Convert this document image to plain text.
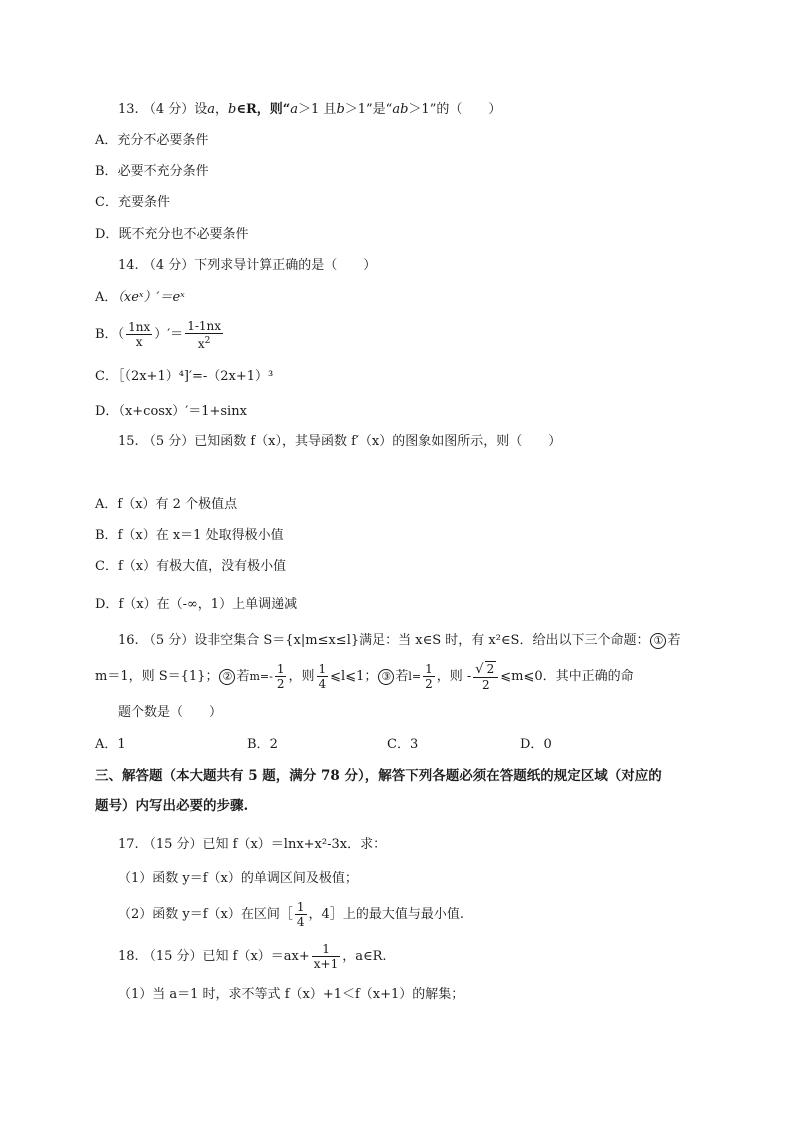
13. （4 分）设a，b∈R，则“a＞1 且b＞1”是“ab＞1”的（　　）
A．充分不必要条件
B．必要不充分条件
C．充要条件
D．既不充分也不必要条件
14. （4 分）下列求导计算正确的是（　　）
A．（xeˣ）′＝eˣ
B．（ $\frac{1nx}{x}$ ）′＝ $\frac{1-1nx}{x^2}$
C．［（2x+1）⁴]′=-（2x+1）³
D．（x+cosx）′＝1+sinx
15. （5 分）已知函数 f（x），其导函数 f′（x）的图象如图所示，则（　　）
A．f（x）有 2 个极值点
B．f（x）在 x＝1 处取得极小值
C．f（x）有极大值，没有极小值
D．f（x）在（-∞，1）上单调递减
16. （5 分）设非空集合 S＝{x|m≤x≤l}满足：当 x∈S 时，有 x²∈S．给出以下三个命题： ① 若
m＝1，则 S＝{1}； ② 若$m=- \frac{1}{2}$ ，则 $\frac{1}{4}$ ⩽l⩽1； ③ 若$l= \frac{1}{2}$ ，则 - $\frac{√ 2}{2}$ ⩽m⩽0．其中正确的命
题个数是（　　）
A．1	B．2	C．3	D．0
三、解答题（本大题共有 5 题，满分 78 分），解答下列各题必须在答题纸的规定区域（对应的
题号）内写出必要的步骤.
17. （15 分）已知 f（x）＝lnx+x²-3x．求：
（1）函数 y＝f（x）的单调区间及极值；
（2）函数 y＝f（x）在区间［ $\frac{1}{4}$ ，4］上的最大值与最小值.
18. （15 分）已知 $f(x)=ax+ \frac{1}{x+1}$ ，a∈R.
（1）当 a＝1 时，求不等式 f（x）+1＜f（x+1）的解集；
